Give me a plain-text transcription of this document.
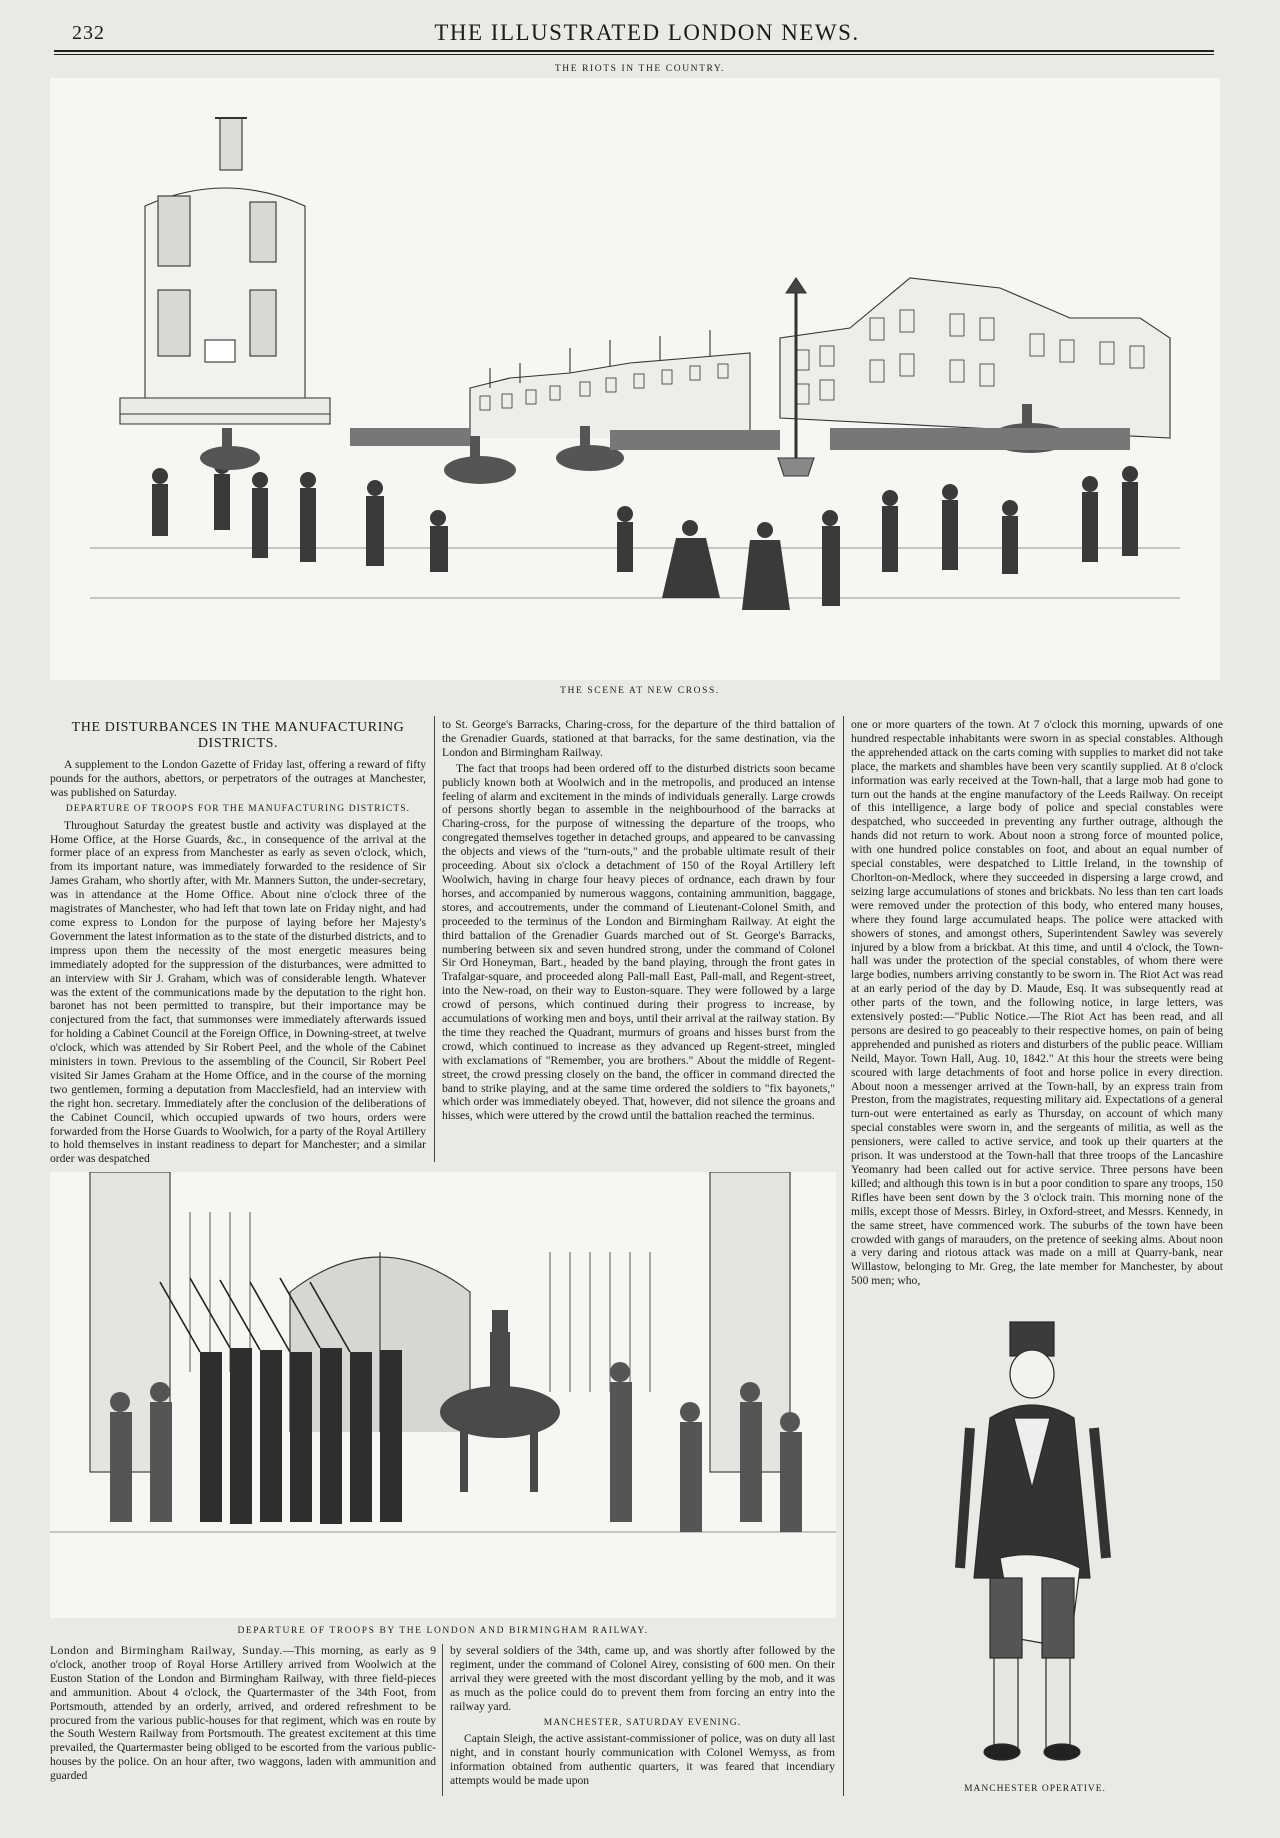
232	THE ILLUSTRATED LONDON NEWS.
THE RIOTS IN THE COUNTRY.
THE SCENE AT NEW CROSS.
THE DISTURBANCES IN THE MANUFACTURING DISTRICTS.

A supplement to the London Gazette of Friday last, offering a reward of fifty pounds for the authors, abettors, or perpetrators of the outrages at Manchester, was published on Saturday.

DEPARTURE OF TROOPS FOR THE MANUFACTURING DISTRICTS.

Throughout Saturday the greatest bustle and activity was displayed at the Home Office, at the Horse Guards, &c., in consequence of the arrival at the former place of an express from Manchester as early as seven o'clock, which, from its important nature, was immediately forwarded to the residence of Sir James Graham, who shortly after, with Mr. Manners Sutton, the under-secretary, was in attendance at the Home Office. About nine o'clock three of the magistrates of Manchester, who had left that town late on Friday night, and had come express to London for the purpose of laying before her Majesty's Government the latest information as to the state of the disturbed districts, and to impress upon them the necessity of the most energetic measures being immediately adopted for the suppression of the disturbances, were admitted to an interview with Sir J. Graham, which was of considerable length. Whatever was the extent of the communications made by the deputation to the right hon. baronet has not been permitted to transpire, but their importance may be conjectured from the fact, that summonses were immediately afterwards issued for holding a Cabinet Council at the Foreign Office, in Downing-street, at twelve o'clock, which was attended by Sir Robert Peel, and the whole of the Cabinet ministers in town. Previous to the assembling of the Council, Sir Robert Peel visited Sir James Graham at the Home Office, and in the course of the morning two gentlemen, forming a deputation from Macclesfield, had an interview with the right hon. secretary. Immediately after the conclusion of the deliberations of the Cabinet Council, which occupied upwards of two hours, orders were forwarded from the Horse Guards to Woolwich, for a party of the Royal Artillery to hold themselves in instant readiness to depart for Manchester; and a similar order was despatched

to St. George's Barracks, Charing-cross, for the departure of the third battalion of the Grenadier Guards, stationed at that barracks, for the same destination, via the London and Birmingham Railway.

The fact that troops had been ordered off to the disturbed districts soon became publicly known both at Woolwich and in the metropolis, and produced an intense feeling of alarm and excitement in the minds of individuals generally. Large crowds of persons shortly began to assemble in the neighbourhood of the barracks at Charing-cross, for the purpose of witnessing the departure of the troops, who congregated themselves together in detached groups, and appeared to be canvassing the objects and views of the "turn-outs," and the probable ultimate result of their proceeding. About six o'clock a detachment of 150 of the Royal Artillery left Woolwich, having in charge four heavy pieces of ordnance, each drawn by four horses, and accompanied by numerous waggons, containing ammunition, baggage, stores, and accoutrements, under the command of Lieutenant-Colonel Smith, and proceeded to the terminus of the London and Birmingham Railway. At eight the third battalion of the Grenadier Guards marched out of St. George's Barracks, numbering between six and seven hundred strong, under the command of Colonel Sir Ord Honeyman, Bart., headed by the band playing, through the front gates in Trafalgar-square, and proceeded along Pall-mall East, Pall-mall, and Regent-street, into the New-road, on their way to Euston-square. They were followed by a large crowd of persons, which continued during their progress to increase, by accumulations of working men and boys, until their arrival at the railway station. By the time they reached the Quadrant, murmurs of groans and hisses burst from the crowd, which continued to increase as they advanced up Regent-street, mingled with exclamations of "Remember, you are brothers." About the middle of Regent-street, the crowd pressing closely on the band, the officer in command directed the band to strike playing, and at the same time ordered the soldiers to "fix bayonets," which order was immediately obeyed. That, however, did not silence the groans and hisses, which were uttered by the crowd until the battalion reached the terminus.

one or more quarters of the town. At 7 o'clock this morning, upwards of one hundred respectable inhabitants were sworn in as special constables. Although the apprehended attack on the carts coming with supplies to market did not take place, the markets and shambles have been very scantily supplied. At 8 o'clock information was early received at the Town-hall, that a large mob had gone to turn out the hands at the engine manufactory of the Leeds Railway. On receipt of this intelligence, a large body of police and special constables were despatched, who succeeded in preventing any further outrage, although the hands did not return to work. About noon a strong force of mounted police, with one hundred police constables on foot, and about an equal number of special constables, were despatched to Little Ireland, in the township of Chorlton-on-Medlock, where they succeeded in dispersing a large crowd, and seizing large accumulations of stones and brickbats. No less than ten cart loads were removed under the protection of this body, who entered many houses, where they found large accumulated heaps. The police were attacked with showers of stones, and amongst others, Superintendent Sawley was severely injured by a blow from a brickbat. At this time, and until 4 o'clock, the Town-hall was under the protection of the special constables, of whom there were large bodies, numbers arriving constantly to be sworn in. The Riot Act was read at an early period of the day by D. Maude, Esq. It was subsequently read at other parts of the town, and the following notice, in large letters, was extensively posted:—"Public Notice.—The Riot Act has been read, and all persons are desired to go peaceably to their respective homes, on pain of being apprehended and punished as rioters and disturbers of the public peace. William Neild, Mayor. Town Hall, Aug. 10, 1842." At this hour the streets were being scoured with large detachments of foot and horse police in every direction. About noon a messenger arrived at the Town-hall, by an express train from Preston, from the magistrates, requesting military aid. Expectations of a general turn-out were entertained as early as Thursday, on account of which many special constables were sworn in, and the sergeants of militia, as well as the pensioners, were called to active service, and took up their quarters at the prison. It was understood at the Town-hall that three troops of the Lancashire Yeomanry had been called out for active service. Three persons have been killed; and although this town is in but a poor condition to spare any troops, 150 Rifles have been sent down by the 3 o'clock train. This morning none of the mills, except those of Messrs. Birley, in Oxford-street, and Messrs. Kennedy, in the same street, have commenced work. The suburbs of the town have been crowded with gangs of marauders, on the pretence of seeking alms. About noon a very daring and riotous attack was made on a mill at Quarry-bank, near Willastow, belonging to Mr. Greg, the late member for Manchester, by about 500 men; who,

DEPARTURE OF TROOPS BY THE LONDON AND BIRMINGHAM RAILWAY.

London and Birmingham Railway, Sunday.—This morning, as early as 9 o'clock, another troop of Royal Horse Artillery arrived from Woolwich at the Euston Station of the London and Birmingham Railway, with three field-pieces and ammunition. About 4 o'clock, the Quartermaster of the 34th Foot, from Portsmouth, attended by an orderly, arrived, and ordered refreshment to be procured from the various public-houses for that regiment, which was en route by the South Western Railway from Portsmouth. The greatest excitement at this time prevailed, the Quartermaster being obliged to be escorted from the various public-houses by the police. On an hour after, two waggons, laden with ammunition and guarded

by several soldiers of the 34th, came up, and was shortly after followed by the regiment, under the command of Colonel Airey, consisting of 600 men. On their arrival they were greeted with the most discordant yelling by the mob, and it was as much as the police could do to prevent them from forcing an entry into the railway yard.

MANCHESTER, SATURDAY EVENING.

Captain Sleigh, the active assistant-commissioner of police, was on duty all last night, and in constant hourly communication with Colonel Wemyss, as from information obtained from authentic quarters, it was feared that incendiary attempts would be made upon

MANCHESTER OPERATIVE.
